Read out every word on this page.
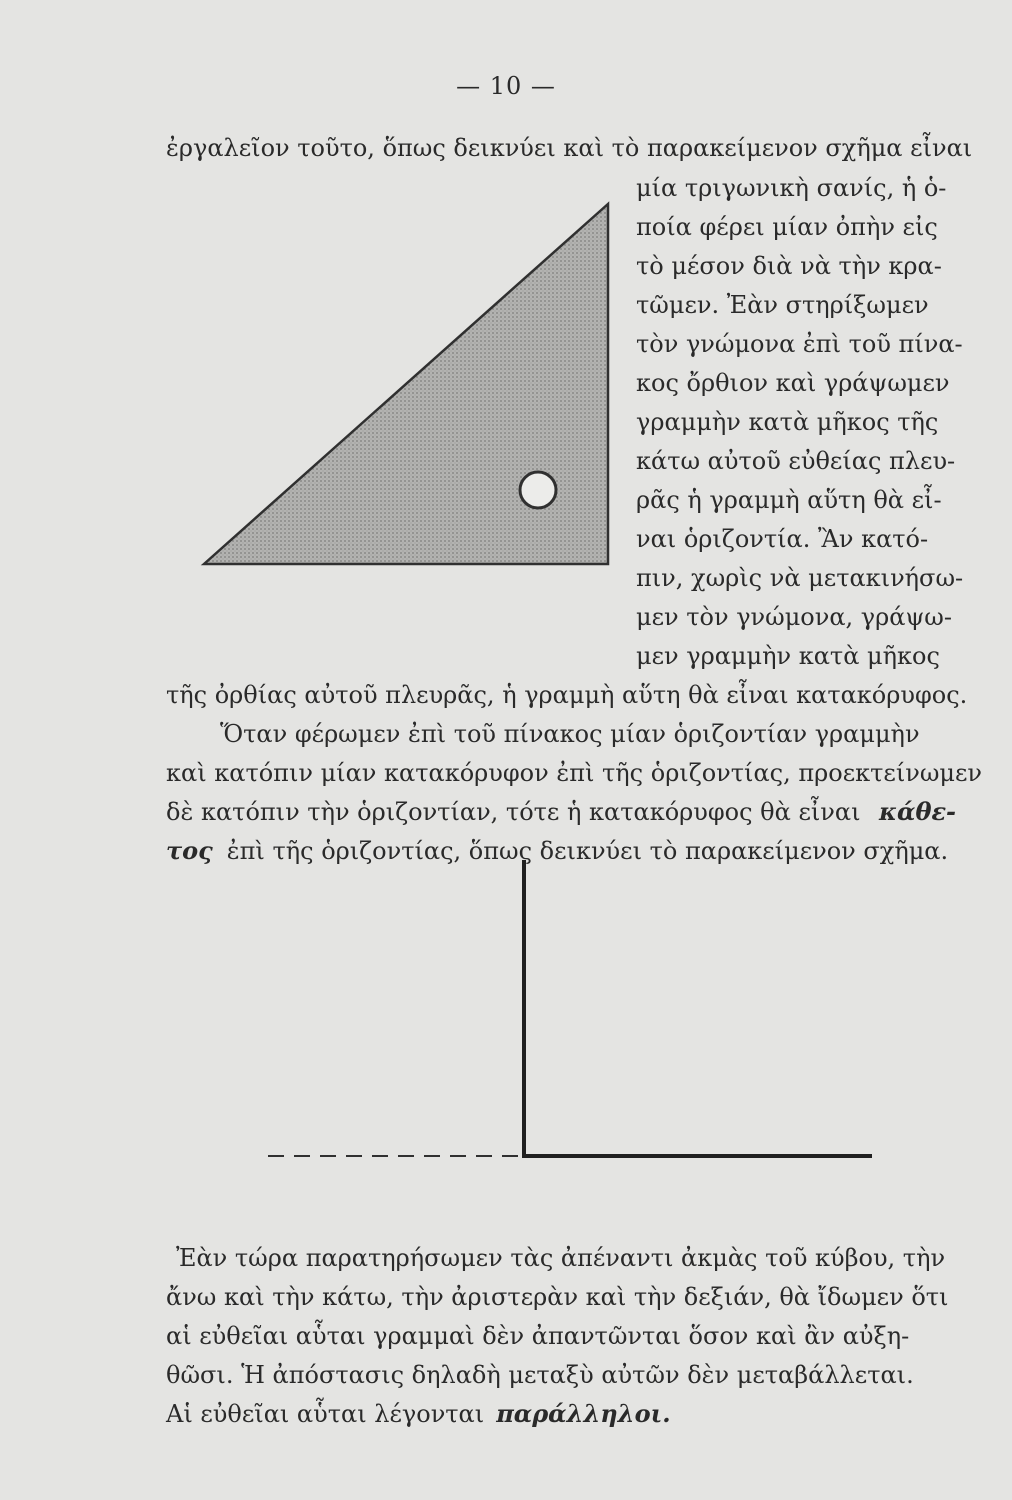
— 10 —
ἐργαλεῖον τοῦτο, ὅπως δεικνύει καὶ τὸ παρακείμενον σχῆμα εἶναι
μία τριγωνικὴ σανίς, ἡ ὁ-
ποία φέρει μίαν ὀπὴν εἰς
τὸ μέσον διὰ νὰ τὴν κρα-
τῶμεν. Ἐὰν στηρίξωμεν
τὸν γνώμονα ἐπὶ τοῦ πίνα-
κος ὄρθιον καὶ γράψωμεν
γραμμὴν κατὰ μῆκος τῆς
κάτω αὐτοῦ εὐθείας πλευ-
ρᾶς ἡ γραμμὴ αὕτη θὰ εἶ-
ναι ὁριζοντία. Ἂν κατό-
πιν, χωρὶς νὰ μετακινήσω-
μεν τὸν γνώμονα, γράψω-
μεν γραμμὴν κατὰ μῆκος
τῆς ὀρθίας αὐτοῦ πλευρᾶς, ἡ γραμμὴ αὕτη θὰ εἶναι κατακόρυφος.
Ὅταν φέρωμεν ἐπὶ τοῦ πίνακος μίαν ὁριζοντίαν γραμμὴν
καὶ κατόπιν μίαν κατακόρυφον ἐπὶ τῆς ὁριζοντίας, προεκτείνωμεν
δὲ κατόπιν τὴν ὁριζοντίαν, τότε ἡ κατακόρυφος θὰ εἶναι κάθε-
τος ἐπὶ τῆς ὁριζοντίας, ὅπως δεικνύει τὸ παρακείμενον σχῆμα.
Ἐὰν τώρα παρατηρήσωμεν τὰς ἀπέναντι ἀκμὰς τοῦ κύβου, τὴν
ἄνω καὶ τὴν κάτω, τὴν ἀριστερὰν καὶ τὴν δεξιάν, θὰ ἴδωμεν ὅτι
αἱ εὐθεῖαι αὗται γραμμαὶ δὲν ἀπαντῶνται ὅσον καὶ ἂν αὐξη-
θῶσι. Ἡ ἀπόστασις δηλαδὴ μεταξὺ αὐτῶν δὲν μεταβάλλεται.
Αἱ εὐθεῖαι αὗται λέγονται παράλληλοι.
